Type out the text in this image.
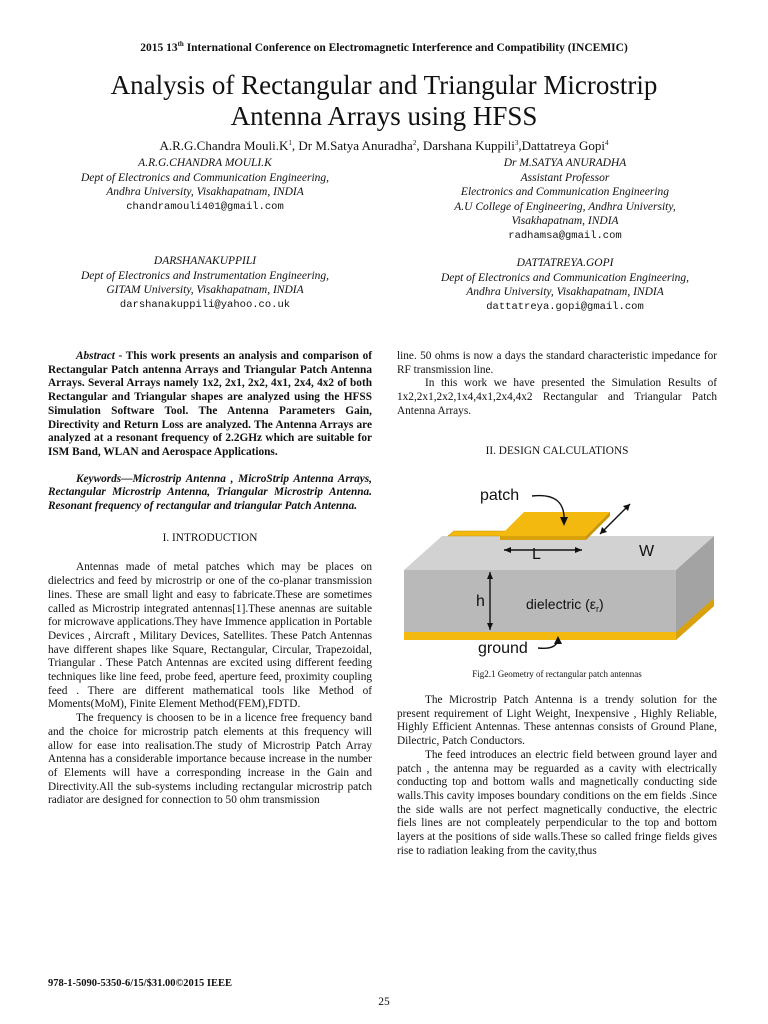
2015 13th International Conference on Electromagnetic Interference and Compatibility (INCEMIC)
Analysis of Rectangular and Triangular Microstrip
Antenna Arrays using HFSS
A.R.G.Chandra $Mouli.K^1$, Dr M.Satya Anuradha$^2$, Darshana Kuppili$^3$,Dattatreya Gopi$^4$
A.R.G.CHANDRA MOULI.K
Dept of Electronics and Communication Engineering,
Andhra University, Visakhapatnam, INDIA
chandramouli401@gmail.com
Dr M.SATYA ANURADHA
Assistant Professor
Electronics and Communication Engineering
A.U College of Engineering, Andhra University,
Visakhapatnam, INDIA
radhamsa@gmail.com
DARSHANAKUPPILI
Dept of Electronics and Instrumentation Engineering,
GITAM University, Visakhapatnam, INDIA
darshanakuppili@yahoo.co.uk
DATTATREYA.GOPI
Dept of Electronics and Communication Engineering,
Andhra University, Visakhapatnam, INDIA
dattatreya.gopi@gmail.com

Abstract - This work presents an analysis and comparison of Rectangular Patch antenna Arrays and Triangular Patch Antenna Arrays. Several Arrays namely 1x2, 2x1, 2x2, 4x1, 2x4, 4x2 of both Rectangular and Triangular shapes are analyzed using the HFSS Simulation Software Tool. The Antenna Parameters Gain, Directivity and Return Loss are analyzed. The Antenna Arrays are analyzed at a resonant frequency of 2.2GHz which are suitable for ISM Band, WLAN and Aerospace Applications.

Keywords—Microstrip Antenna , MicroStrip Antenna Arrays, Rectangular Microstrip Antenna, Triangular Microstrip Antenna. Resonant frequency of rectangular and triangular Patch Antenna.

I. INTRODUCTION

Antennas made of metal patches which may be places on dielectrics and feed by microstrip or one of the co-planar transmission lines. These are small light and easy to fabricate.These are sometimes called as Microstrip integrated antennas[1].These anennas are suitable for microwave applications.They have Immence application in Portable Devices , Aircraft , Military Devices, Satellites. These Patch Antennas have different shapes like Square, Rectangular, Circular, Trapezoidal, Triangular . These Patch Antennas are excited using different feeding techniques like line feed, probe feed, aperture feed, proximity coupling feed . There are different mathematical tools like Method of Moments(MoM), Finite Element Method(FEM),FDTD.

The frequency is choosen to be in a licence free frequency band and the choice for microstrip patch elements at this frequency will allow for ease into realisation.The study of Microstrip Patch Array Antenna has a considerable importance because increase in the number of Elements will have a corresponding increase in the Gain and Directivity.All the sub-systems including rectangular microstrip patch radiator are designed for connection to 50 ohm transmission

line. 50 ohms is now a days the standard characteristic impedance for RF transmission line.

In this work we have presented the Simulation Results of 1x2,2x1,2x2,1x4,4x1,2x4,4x2 Rectangular and Triangular Patch Antenna Arrays.

II. DESIGN CALCULATIONS
L	W
patch
h	dielectric $(\varepsilon_r)$
ground
Fig2.1 Geometry of rectangular patch antennas

The Microstrip Patch Antenna is a trendy solution for the present requirement of Light Weight, Inexpensive , Highly Reliable, Highly Efficient Antennas. These antennas consists of Ground Plane, Dilectric, Patch Conductors.

The feed introduces an electric field between ground layer and patch , the antenna may be reguarded as a cavity with electrically conducting top and bottom walls and magnetically conducting side walls.This cavity imposes boundary conditions on the em fields .Since the side walls are not perfect magnetically conductive, the electric fiels lines are not compleately perpendicular to the top and bottom layers at the positions of side walls.These so called fringe fields gives rise to radiation leaking from the cavity,thus

978-1-5090-5350-6/15/$31.00©2015 IEEE
25
